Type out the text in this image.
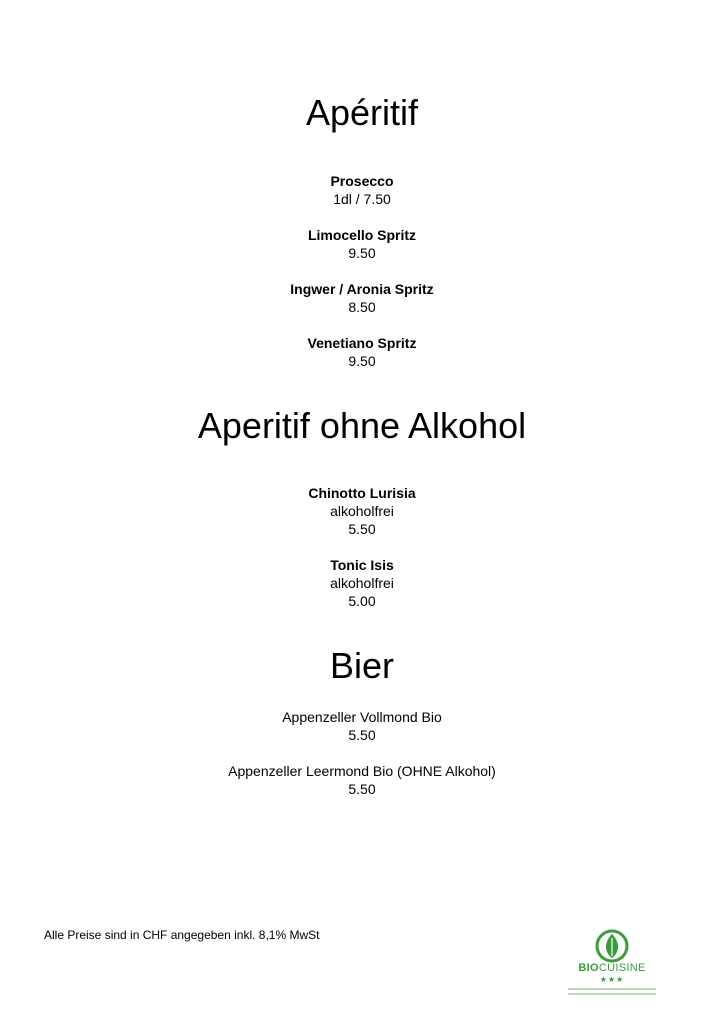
Apéritif
Prosecco
1dl / 7.50
Limocello Spritz
9.50
Ingwer / Aronia Spritz
8.50
Venetiano Spritz
9.50
Aperitif ohne Alkohol
Chinotto Lurisia
alkoholfrei
5.50
Tonic Isis
alkoholfrei
5.00
Bier
Appenzeller Vollmond Bio
5.50
Appenzeller Leermond Bio (OHNE Alkohol)
5.50
Alle Preise sind in CHF angegeben inkl. 8,1% MwSt
BIOCUISINE
★★★
